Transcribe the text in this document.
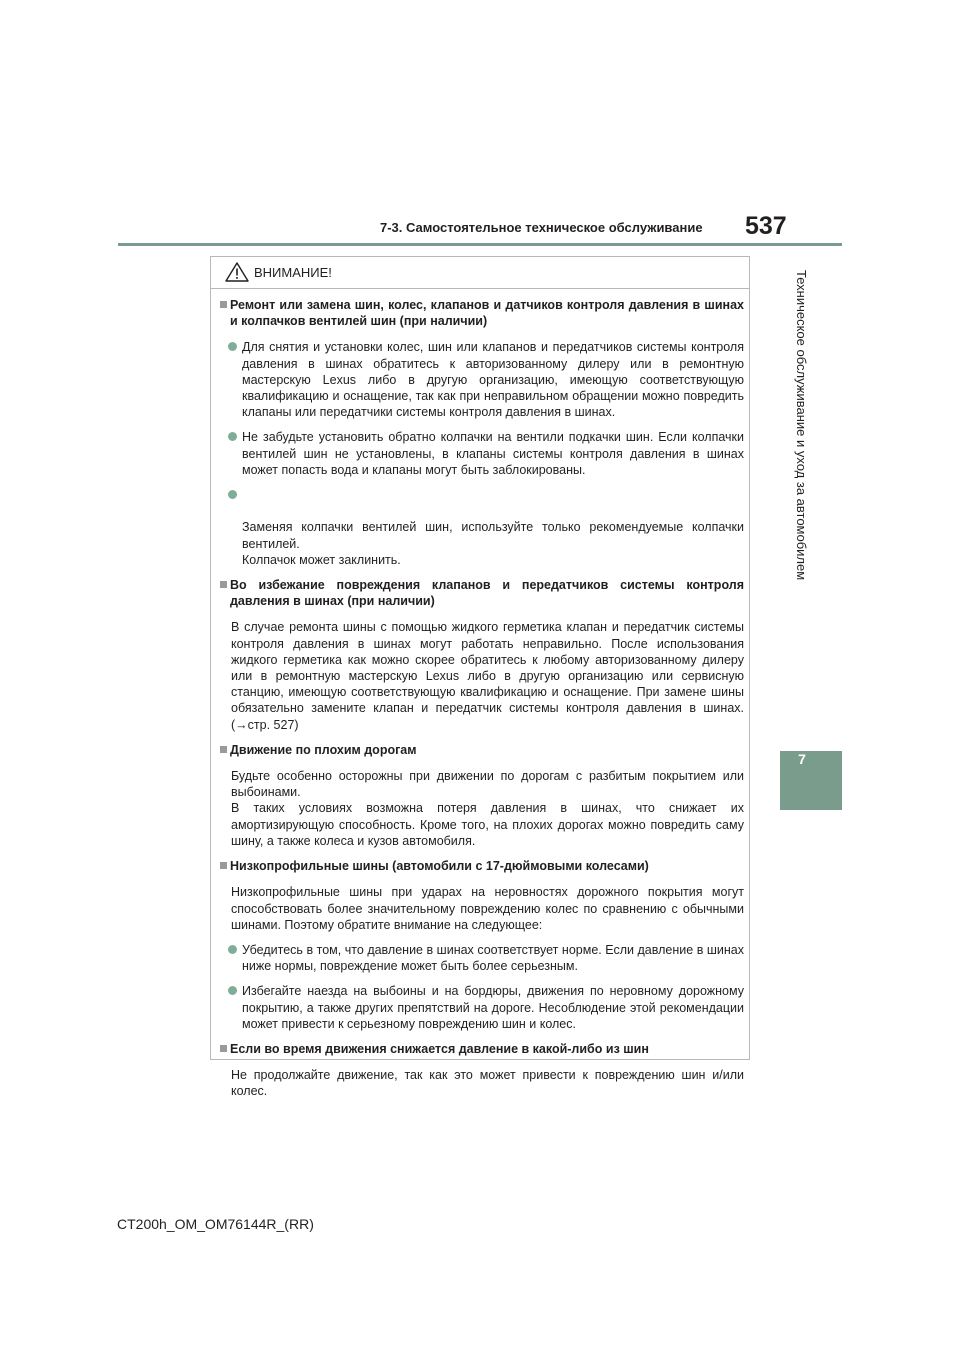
7-3. Самостоятельное техническое обслуживание 537
Техническое обслуживание и уход за автомобилем
7
ВНИМАНИЕ!
Ремонт или замена шин, колес, клапанов и датчиков контроля давления в шинах и колпачков вентилей шин (при наличии)
Для снятия и установки колес, шин или клапанов и передатчиков системы контроля давления в шинах обратитесь к авторизованному дилеру или в ремонтную мастерскую Lexus либо в другую организацию, имеющую соответствующую квалификацию и оснащение, так как при неправильном обращении можно повредить клапаны или передатчики системы контроля давления в шинах.
Не забудьте установить обратно колпачки на вентили подкачки шин. Если колпачки вентилей шин не установлены, в клапаны системы контроля давления в шинах может попасть вода и клапаны могут быть заблокированы.

Заменяя колпачки вентилей шин, используйте только рекомендуемые колпачки вентилей.
Колпачок может заклинить.

Во избежание повреждения клапанов и передатчиков системы контроля давления в шинах (при наличии)
В случае ремонта шины с помощью жидкого герметика клапан и передатчик системы контроля давления в шинах могут работать неправильно. После использования жидкого герметика как можно скорее обратитесь к любому авторизованному дилеру или в ремонтную мастерскую Lexus либо в другую организацию или сервисную станцию, имеющую соответствующую квалификацию и оснащение. При замене шины обязательно замените клапан и передатчик системы контроля давления в шинах. (→стр. 527)
Движение по плохим дорогам
Будьте особенно осторожны при движении по дорогам с разбитым покрытием или выбоинами.
В таких условиях возможна потеря давления в шинах, что снижает их амортизирующую способность. Кроме того, на плохих дорогах можно повредить саму шину, а также колеса и кузов автомобиля.
Низкопрофильные шины (автомобили с 17-дюймовыми колесами)
Низкопрофильные шины при ударах на неровностях дорожного покрытия могут способствовать более значительному повреждению колес по сравнению с обычными шинами. Поэтому обратите внимание на следующее:
Убедитесь в том, что давление в шинах соответствует норме. Если давление в шинах ниже нормы, повреждение может быть более серьезным.
Избегайте наезда на выбоины и на бордюры, движения по неровному дорожному покрытию, а также других препятствий на дороге. Несоблюдение этой рекомендации может привести к серьезному повреждению шин и колес.
Если во время движения снижается давление в какой-либо из шин
Не продолжайте движение, так как это может привести к повреждению шин и/или колес.
CT200h_OM_OM76144R_(RR)
